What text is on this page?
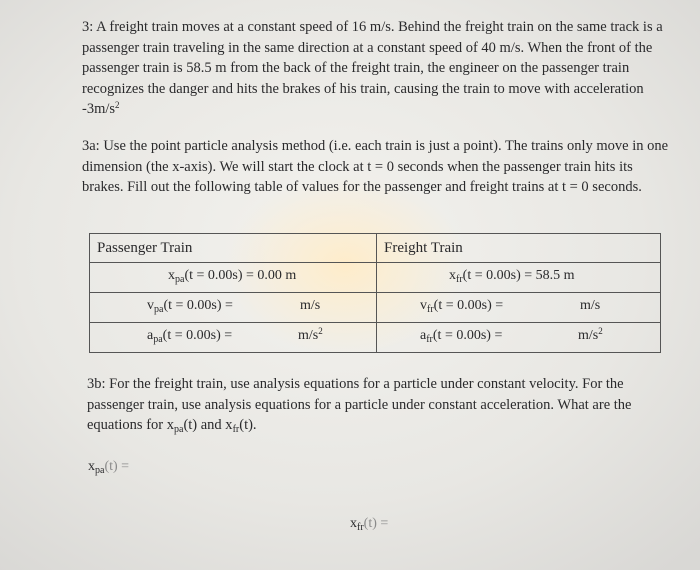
3: A freight train moves at a constant speed of 16 m/s. Behind the freight train on the same track is a passenger train traveling in the same direction at a constant speed of 40 m/s. When the front of the passenger train is 58.5 m from the back of the freight train, the engineer on the passenger train recognizes the danger and hits the brakes of his train, causing the train to move with acceleration $-3m/s^2$

3a: Use the point particle analysis method (i.e. each train is just a point). The trains only move in one dimension (the x-axis). We will start the clock at t = 0 seconds when the passenger train hits its brakes. Fill out the following table of values for the passenger and freight trains at t = 0 seconds.

Passenger Train	Freight Train

$x_{pa}(t = 0.00s) = 0.00$ m	$x_{fr}(t = 0.00s) = 58.5$ m

$v_{pa}(t = 0.00s) = m/s$	$v_{fr}(t = 0.00s) = m/s$

$a_{pa}(t = 0.00s) = m/s^2$	$a_{fr}(t = 0.00s) = m/s^2$

3b: For the freight train, use analysis equations for a particle under constant velocity. For the passenger train, use analysis equations for a particle under constant acceleration. What are the equations for $x_{pa}(t)$ and $x_{fr}(t)$.

$x_{pa}(t)$ =
$x_{fr}(t)$ =
